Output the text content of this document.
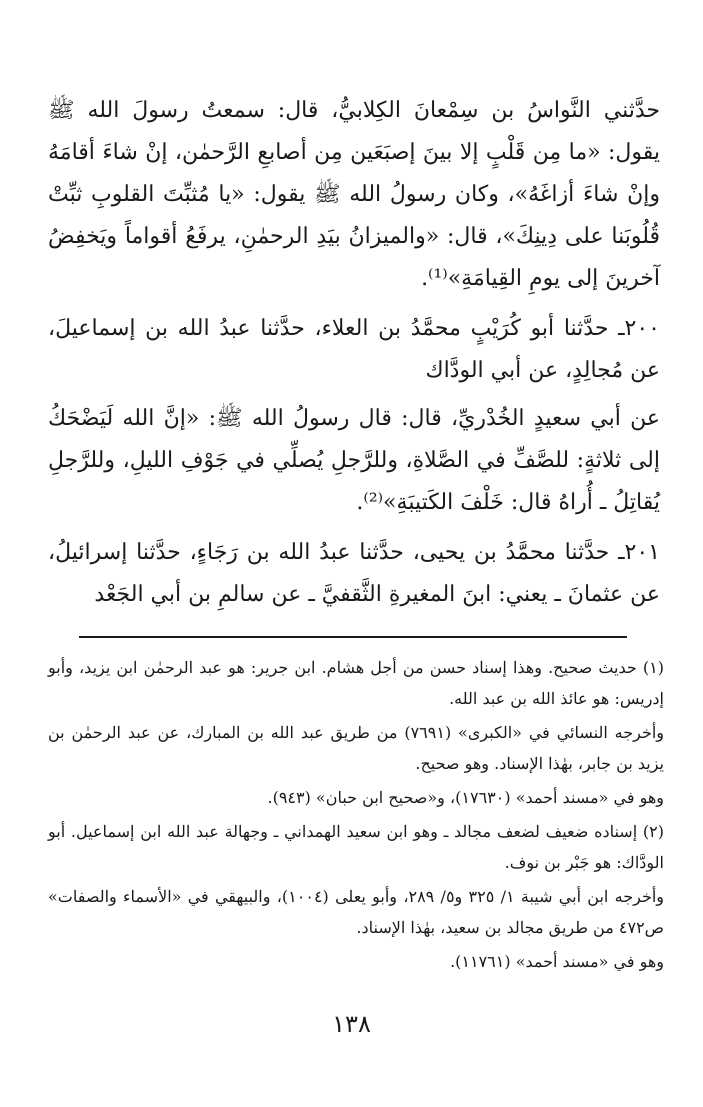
حدَّثني النَّواسُ بن سِمْعانَ الكِلابيُّ، قال: سمعتُ رسولَ الله ﷺ يقول: «ما مِن قَلْبٍ إلا بينَ إصبَعَين مِن أصابعِ الرَّحمٰن، إنْ شاءَ أقامَهُ وإنْ شاءَ أزاغَهُ»، وكان رسولُ الله ﷺ يقول: «يا مُثبِّتَ القلوبِ ثبِّتْ قُلُوبَنا على دِينِكَ»، قال: «والميزانُ بيَدِ الرحمٰنِ، يرفَعُ أقواماً ويَخفِضُ آخرينَ إلى يومِ القِيامَةِ»⁽¹⁾.

٢٠٠ـ حدَّثنا أبو كُرَيْبٍ محمَّدُ بن العلاء، حدَّثنا عبدُ الله بن إسماعيلَ، عن مُجالِدٍ، عن أبي الودَّاك

عن أبي سعيدٍ الخُدْريِّ، قال: قال رسولُ الله ﷺ: «إنَّ الله لَيَضْحَكُ إلى ثلاثةٍ: للصَّفِّ في الصَّلاةِ، وللرَّجلِ يُصلِّي في جَوْفِ الليلِ، وللرَّجلِ يُقاتِلُ ـ أُراهُ قال: خَلْفَ الكَتيبَةِ»⁽²⁾.

٢٠١ـ حدَّثنا محمَّدُ بن يحيى، حدَّثنا عبدُ الله بن رَجَاءٍ، حدَّثنا إسرائيلُ، عن عثمانَ ـ يعني: ابنَ المغيرةِ الثَّقفيَّ ـ عن سالمِ بن أبي الجَعْد

(١) حديث صحيح. وهذا إسناد حسن من أجل هشام. ابن جرير: هو عبد الرحمٰن ابن يزيد، وأبو إدريس: هو عائذ الله بن عبد الله.

وأخرجه النسائي في «الكبرى» (٧٦٩١) من طريق عبد الله بن المبارك، عن عبد الرحمٰن بن يزيد بن جابر، بهٰذا الإسناد. وهو صحيح.

وهو في «مسند أحمد» (١٧٦٣٠)، و«صحيح ابن حبان» (٩٤٣).

(٢) إسناده ضعيف لضعف مجالد ـ وهو ابن سعيد الهمداني ـ وجهالة عبد الله ابن إسماعيل. أبو الودَّاك: هو جَبْر بن نوف.

وأخرجه ابن أبي شيبة ١/ ٣٢٥ و٥/ ٢٨٩، وأبو يعلى (١٠٠٤)، والبيهقي في «الأسماء والصفات» ص٤٧٢ من طريق مجالد بن سعيد، بهٰذا الإسناد.

وهو في «مسند أحمد» (١١٧٦١).

١٣٨
